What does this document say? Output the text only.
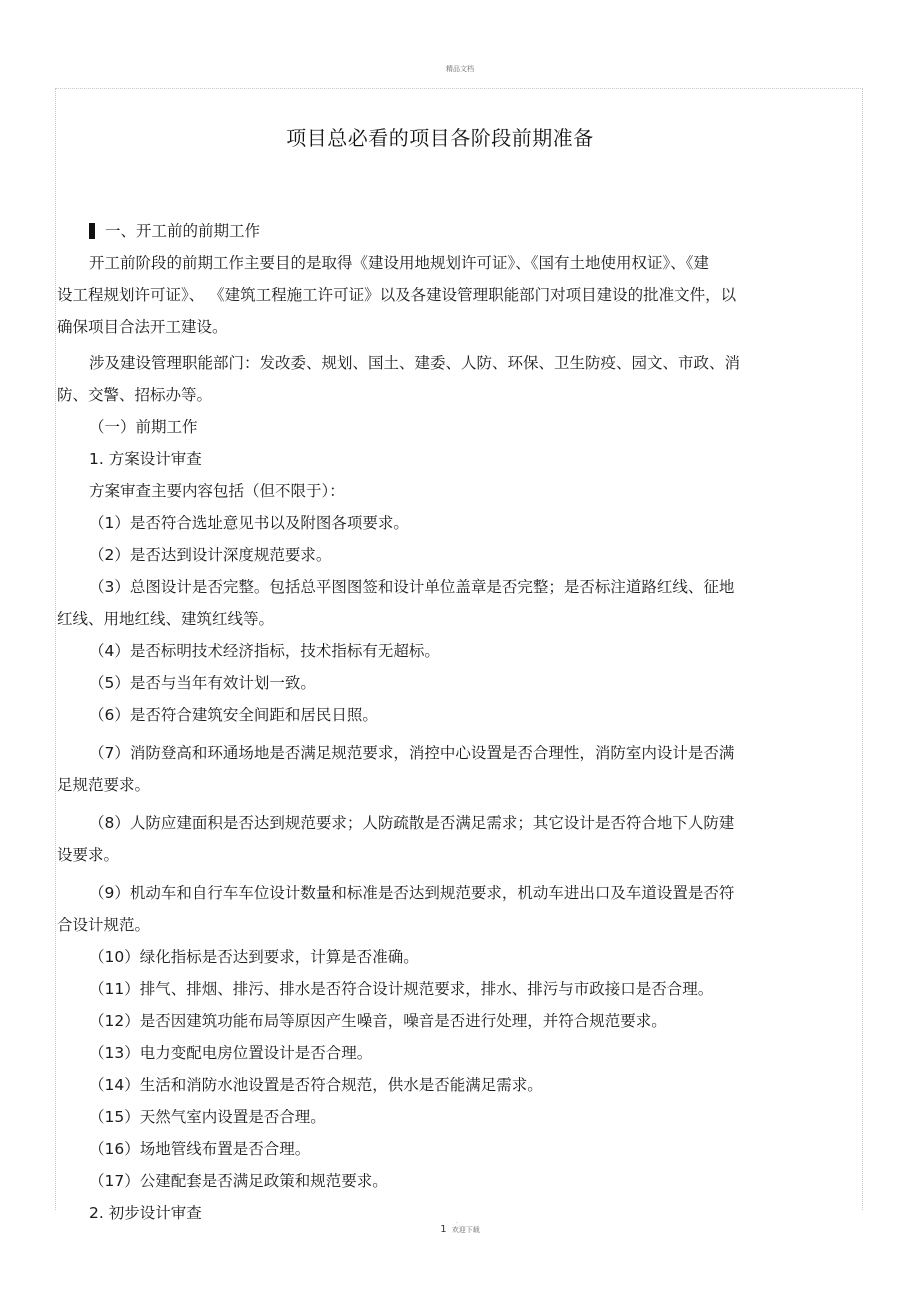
精品文档
项目总必看的项目各阶段前期准备
一、开工前的前期工作
开工前阶段的前期工作主要目的是取得《建设用地规划许可证》、《国有土地使用权证》、《建
设工程规划许可证》、 《建筑工程施工许可证》以及各建设管理职能部门对项目建设的批准文件，以
确保项目合法开工建设。
涉及建设管理职能部门：发改委、规划、国土、建委、人防、环保、卫生防疫、园文、市政、消
防、交警、招标办等。
（一）前期工作
1. 方案设计审查
方案审查主要内容包括（但不限于）：
（1）是否符合选址意见书以及附图各项要求。
（2）是否达到设计深度规范要求。
（3）总图设计是否完整。包括总平图图签和设计单位盖章是否完整；是否标注道路红线、征地
红线、用地红线、建筑红线等。
（4）是否标明技术经济指标，技术指标有无超标。
（5）是否与当年有效计划一致。
（6）是否符合建筑安全间距和居民日照。
（7）消防登高和环通场地是否满足规范要求，消控中心设置是否合理性，消防室内设计是否满
足规范要求。
（8）人防应建面积是否达到规范要求；人防疏散是否满足需求；其它设计是否符合地下人防建
设要求。
（9）机动车和自行车车位设计数量和标准是否达到规范要求，机动车进出口及车道设置是否符
合设计规范。
（10）绿化指标是否达到要求，计算是否准确。
（11）排气、排烟、排污、排水是否符合设计规范要求，排水、排污与市政接口是否合理。
（12）是否因建筑功能布局等原因产生噪音，噪音是否进行处理，并符合规范要求。
（13）电力变配电房位置设计是否合理。
（14）生活和消防水池设置是否符合规范，供水是否能满足需求。
（15）天然气室内设置是否合理。
（16）场地管线布置是否合理。
（17）公建配套是否满足政策和规范要求。
2. 初步设计审查	.
1 欢迎下载
